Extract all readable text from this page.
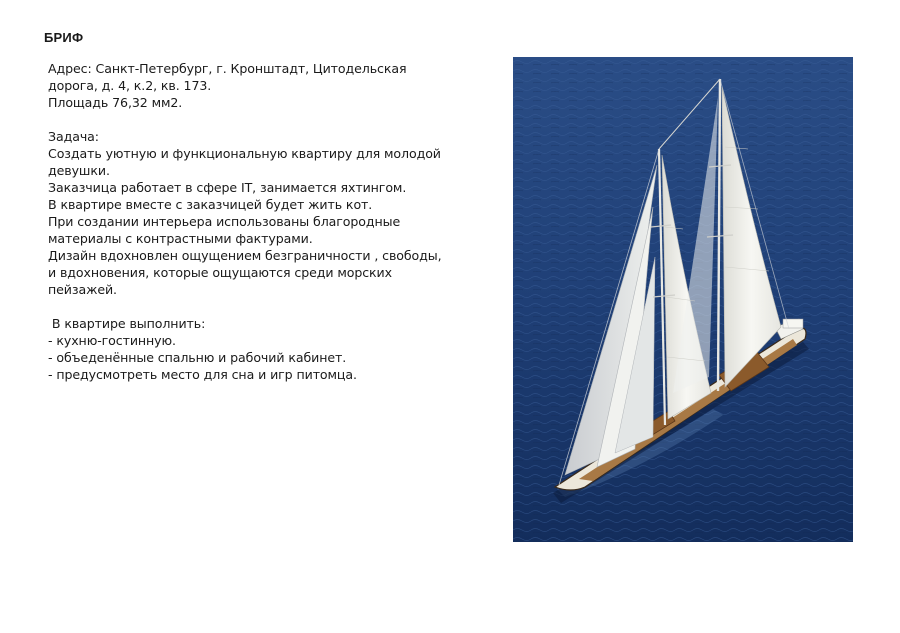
БРИФ
Адрес: Санкт-Петербург, г. Кронштадт, Цитодельская
дорога, д. 4, к.2, кв. 173.
Площадь 76,32 мм2.
Задача:
Создать уютную и функциональную квартиру для молодой
девушки.
Заказчица работает в сфере IT, занимается яхтингом.
В квартире вместе с заказчицей будет жить кот.
При создании интерьера использованы благородные
материалы с контрастными фактурами.
Дизайн вдохновлен ощущением безграничности , свободы,
и вдохновения, которые ощущаются среди морских
пейзажей.
В квартире выполнить:
- кухню-гостинную.
- объеденённые спальню и рабочий кабинет.
- предусмотреть место для сна и игр питомца.
